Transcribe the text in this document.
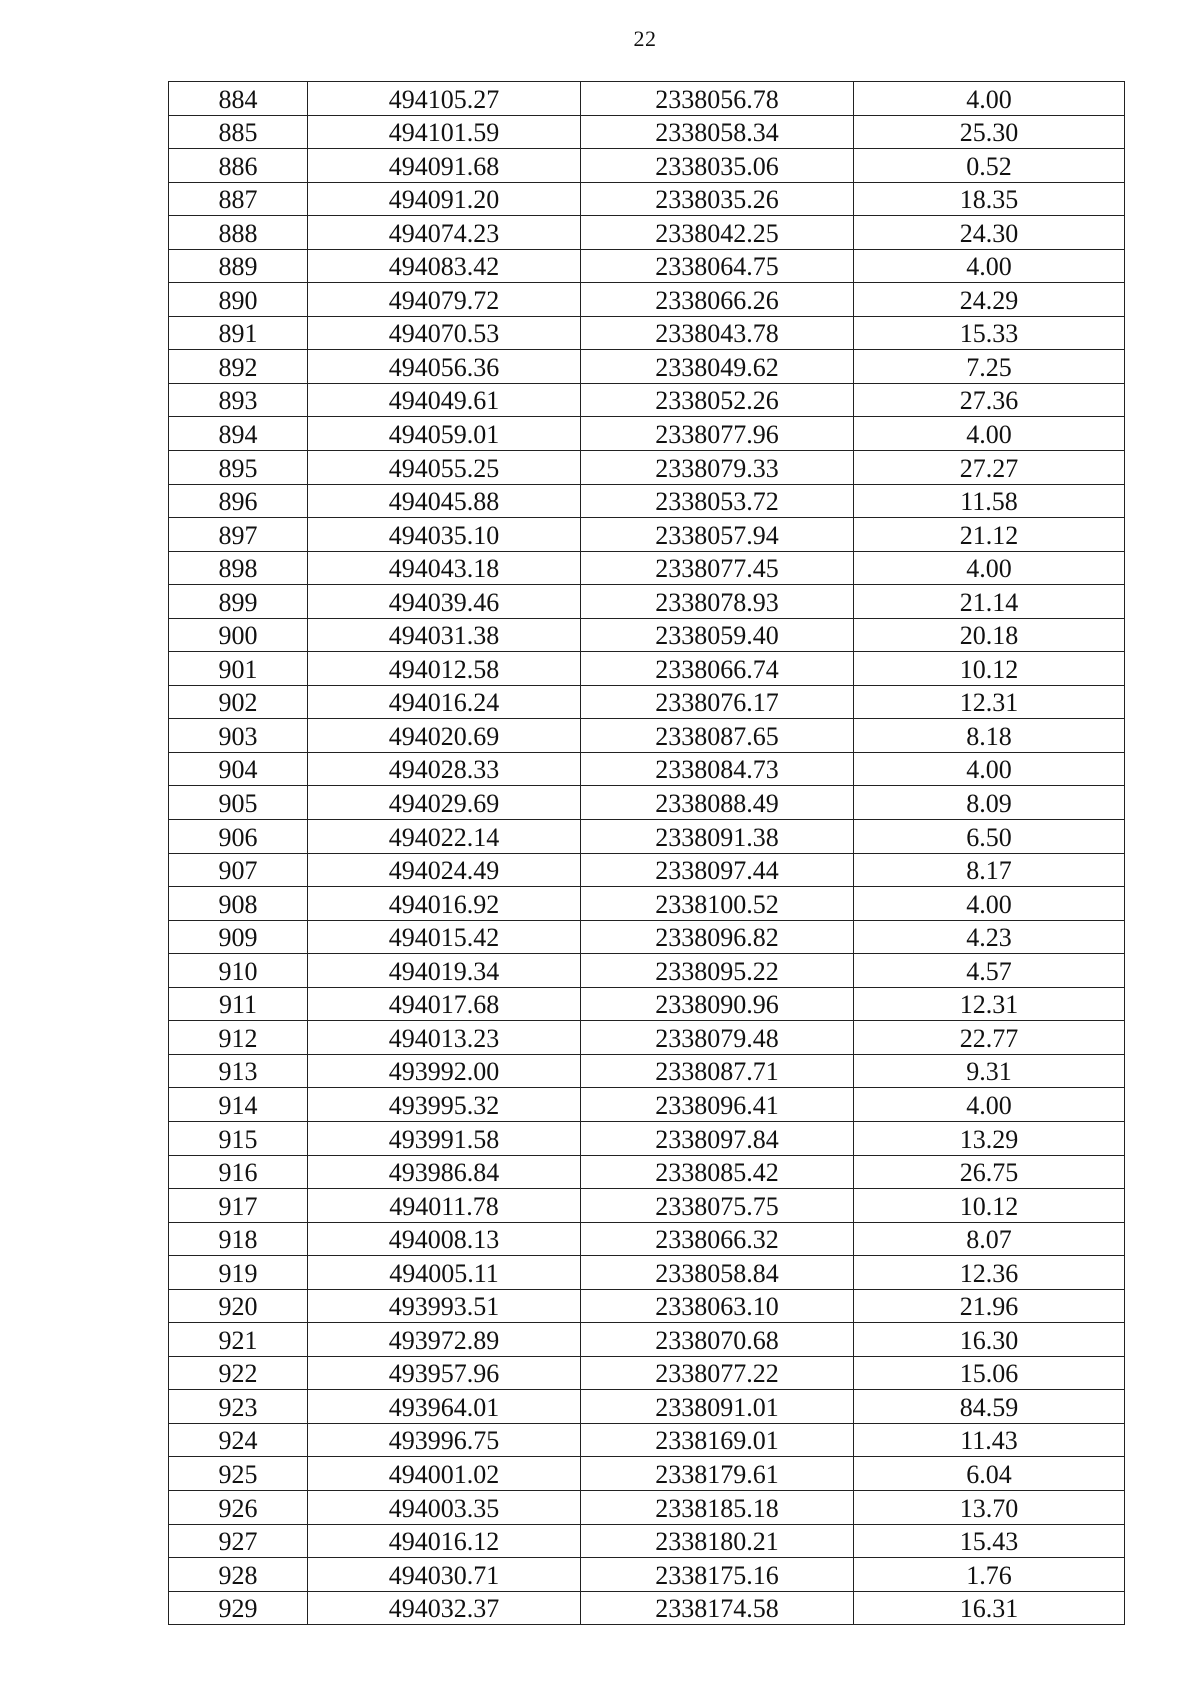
22
884	494105.27	2338056.78	4.00
885	494101.59	2338058.34	25.30
886	494091.68	2338035.06	0.52
887	494091.20	2338035.26	18.35
888	494074.23	2338042.25	24.30
889	494083.42	2338064.75	4.00
890	494079.72	2338066.26	24.29
891	494070.53	2338043.78	15.33
892	494056.36	2338049.62	7.25
893	494049.61	2338052.26	27.36
894	494059.01	2338077.96	4.00
895	494055.25	2338079.33	27.27
896	494045.88	2338053.72	11.58
897	494035.10	2338057.94	21.12
898	494043.18	2338077.45	4.00
899	494039.46	2338078.93	21.14
900	494031.38	2338059.40	20.18
901	494012.58	2338066.74	10.12
902	494016.24	2338076.17	12.31
903	494020.69	2338087.65	8.18
904	494028.33	2338084.73	4.00
905	494029.69	2338088.49	8.09
906	494022.14	2338091.38	6.50
907	494024.49	2338097.44	8.17
908	494016.92	2338100.52	4.00
909	494015.42	2338096.82	4.23
910	494019.34	2338095.22	4.57
911	494017.68	2338090.96	12.31
912	494013.23	2338079.48	22.77
913	493992.00	2338087.71	9.31
914	493995.32	2338096.41	4.00
915	493991.58	2338097.84	13.29
916	493986.84	2338085.42	26.75
917	494011.78	2338075.75	10.12
918	494008.13	2338066.32	8.07
919	494005.11	2338058.84	12.36
920	493993.51	2338063.10	21.96
921	493972.89	2338070.68	16.30
922	493957.96	2338077.22	15.06
923	493964.01	2338091.01	84.59
924	493996.75	2338169.01	11.43
925	494001.02	2338179.61	6.04
926	494003.35	2338185.18	13.70
927	494016.12	2338180.21	15.43
928	494030.71	2338175.16	1.76
929	494032.37	2338174.58	16.31
